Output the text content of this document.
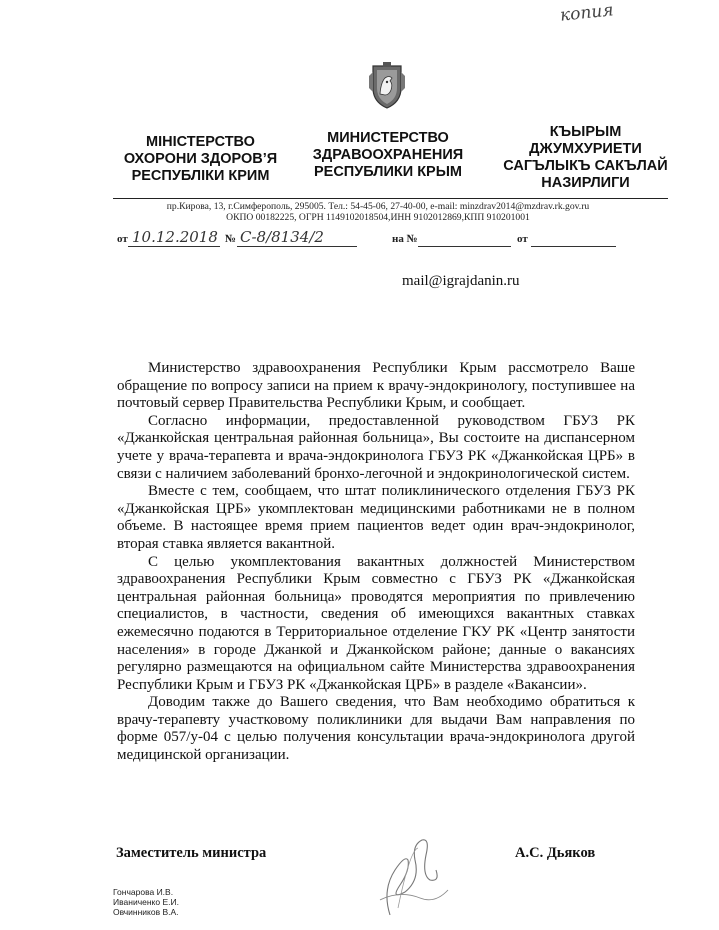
копия
МІНІСТЕРСТВО
ОХОРОНИ ЗДОРОВ’Я
РЕСПУБЛІКИ КРИМ
МИНИСТЕРСТВО
ЗДРАВООХРАНЕНИЯ
РЕСПУБЛИКИ КРЫМ
КЪЫРЫМ
ДЖУМХУРИЕТИ
САГЪЛЫКЪ САКЪЛАЙ
НАЗИРЛИГИ
пр.Кирова, 13, г.Симферополь, 295005. Тел.: 54-45-06, 27-40-00, e-mail: minzdrav2014@mzdrav.rk.gov.ru
ОКПО 00182225, ОГРН 1149102018504,ИНН 9102012869,КПП 910201001
от 10.12.2018 № С-8/8134/2	на №	от
mail@igrajdanin.ru

Министерство здравоохранения Республики Крым рассмотрело Ваше обращение по вопросу записи на прием к врачу-эндокринологу, поступившее на почтовый сервер Правительства Республики Крым, и сообщает.

Согласно информации, предоставленной руководством ГБУЗ РК «Джанкойская центральная районная больница», Вы состоите на диспансерном учете у врача-терапевта и врача-эндокринолога ГБУЗ РК «Джанкойская ЦРБ» в связи с наличием заболеваний бронхо-легочной и эндокринологической систем.

Вместе с тем, сообщаем, что штат поликлинического отделения ГБУЗ РК «Джанкойская ЦРБ» укомплектован медицинскими работниками не в полном объеме. В настоящее время прием пациентов ведет один врач-эндокринолог, вторая ставка является вакантной.

С целью укомплектования вакантных должностей Министерством здравоохранения Республики Крым совместно с ГБУЗ РК «Джанкойская центральная районная больница» проводятся мероприятия по привлечению специалистов, в частности, сведения об имеющихся вакантных ставках ежемесячно подаются в Территориальное отделение ГКУ РК «Центр занятости населения» в городе Джанкой и Джанкойском районе; данные о вакансиях регулярно размещаются на официальном сайте Министерства здравоохранения Республики Крым и ГБУЗ РК «Джанкойская ЦРБ» в разделе «Вакансии».

Доводим также до Вашего сведения, что Вам необходимо обратиться к врачу-терапевту участковому поликлиники для выдачи Вам направления по форме 057/у-04 с целью получения консультации врача-эндокринолога другой медицинской организации.

Заместитель министра	А.С. Дьяков
Гончарова И.В.
Иваниченко Е.И.
Овчинников В.А.
